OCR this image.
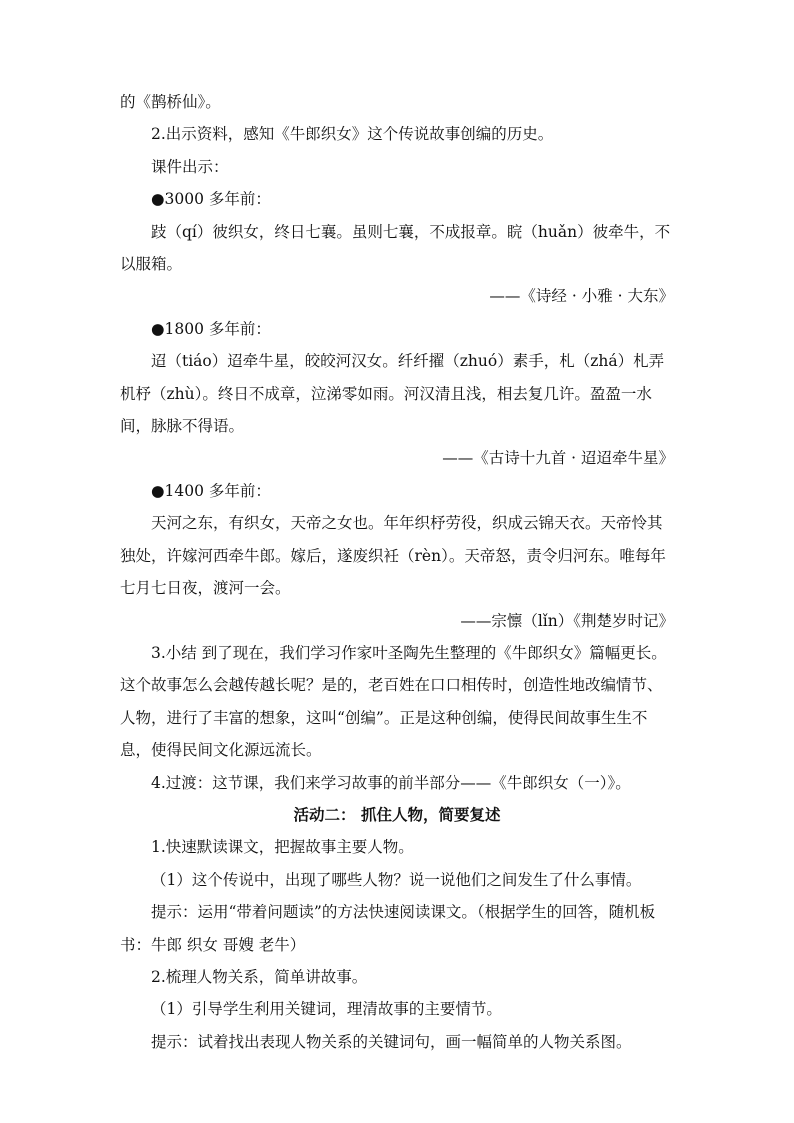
的《鹊桥仙》。

2.出示资料，感知《牛郎织女》这个传说故事创编的历史。

课件出示：

●3000 多年前：

跂（qí）彼织女，终日七襄。虽则七襄，不成报章。睆（huǎn）彼牵牛，不以服箱。

——《诗经 · 小雅 · 大东》

●1800 多年前：

迢（tiáo）迢牵牛星，皎皎河汉女。纤纤擢（zhuó）素手，札（zhá）札弄机杼（zhù）。终日不成章，泣涕零如雨。河汉清且浅，相去复几许。盈盈一水间，脉脉不得语。

——《古诗十九首 · 迢迢牵牛星》

●1400 多年前：

天河之东，有织女，天帝之女也。年年织杼劳役，织成云锦天衣。天帝怜其独处，许嫁河西牵牛郎。嫁后，遂废织衽（rèn）。天帝怒，责令归河东。唯每年七月七日夜，渡河一会。

——宗懔（lǐn）《荆楚岁时记》

3.小结 到了现在，我们学习作家叶圣陶先生整理的《牛郎织女》篇幅更长。这个故事怎么会越传越长呢？是的，老百姓在口口相传时，创造性地改编情节、人物，进行了丰富的想象，这叫“创编”。正是这种创编，使得民间故事生生不息，使得民间文化源远流长。

4.过渡：这节课，我们来学习故事的前半部分——《牛郎织女（一）》。

活动二： 抓住人物，简要复述

1.快速默读课文，把握故事主要人物。

（1）这个传说中，出现了哪些人物？说一说他们之间发生了什么事情。

提示：运用“带着问题读”的方法快速阅读课文。（根据学生的回答，随机板书：牛郎 织女 哥嫂 老牛）

2.梳理人物关系，简单讲故事。

（1）引导学生利用关键词，理清故事的主要情节。

提示：试着找出表现人物关系的关键词句，画一幅简单的人物关系图。
